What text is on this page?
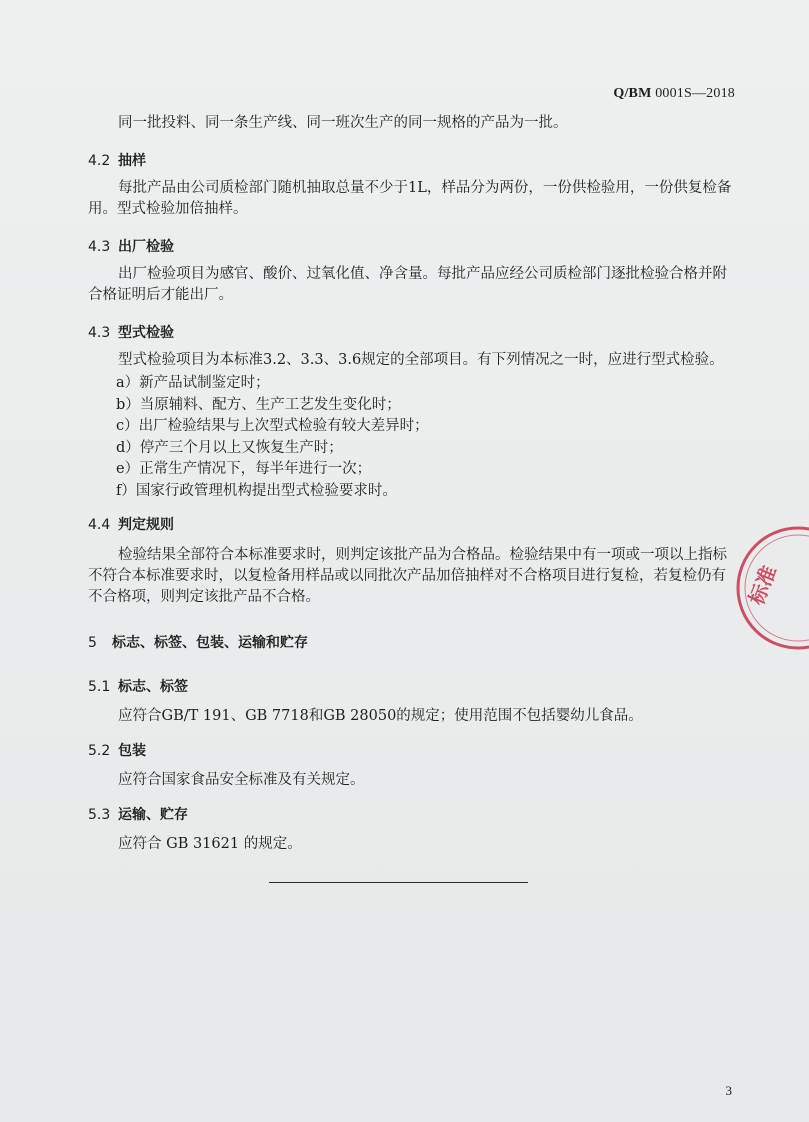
Q/BM 0001S—2018

同一批投料、同一条生产线、同一班次生产的同一规格的产品为一批。

4.2 抽样

每批产品由公司质检部门随机抽取总量不少于1L，样品分为两份，一份供检验用，一份供复检备用。型式检验加倍抽样。

4.3 出厂检验

出厂检验项目为感官、酸价、过氧化值、净含量。每批产品应经公司质检部门逐批检验合格并附合格证明后才能出厂。

4.3 型式检验

型式检验项目为本标准3.2、3.3、3.6规定的全部项目。有下列情况之一时，应进行型式检验。

a）新产品试制鉴定时；
b）当原辅料、配方、生产工艺发生变化时；
c）出厂检验结果与上次型式检验有较大差异时；
d）停产三个月以上又恢复生产时；
e）正常生产情况下，每半年进行一次；
f）国家行政管理机构提出型式检验要求时。
4.4 判定规则

检验结果全部符合本标准要求时，则判定该批产品为合格品。检验结果中有一项或一项以上指标不符合本标准要求时，以复检备用样品或以同批次产品加倍抽样对不合格项目进行复检，若复检仍有不合格项，则判定该批产品不合格。

5 标志、标签、包装、运输和贮存
5.1 标志、标签

应符合GB/T 191、GB 7718和GB 28050的规定；使用范围不包括婴幼儿食品。

5.2 包装

应符合国家食品安全标准及有关规定。

5.3 运输、贮存

应符合 GB 31621 的规定。

标准
3
